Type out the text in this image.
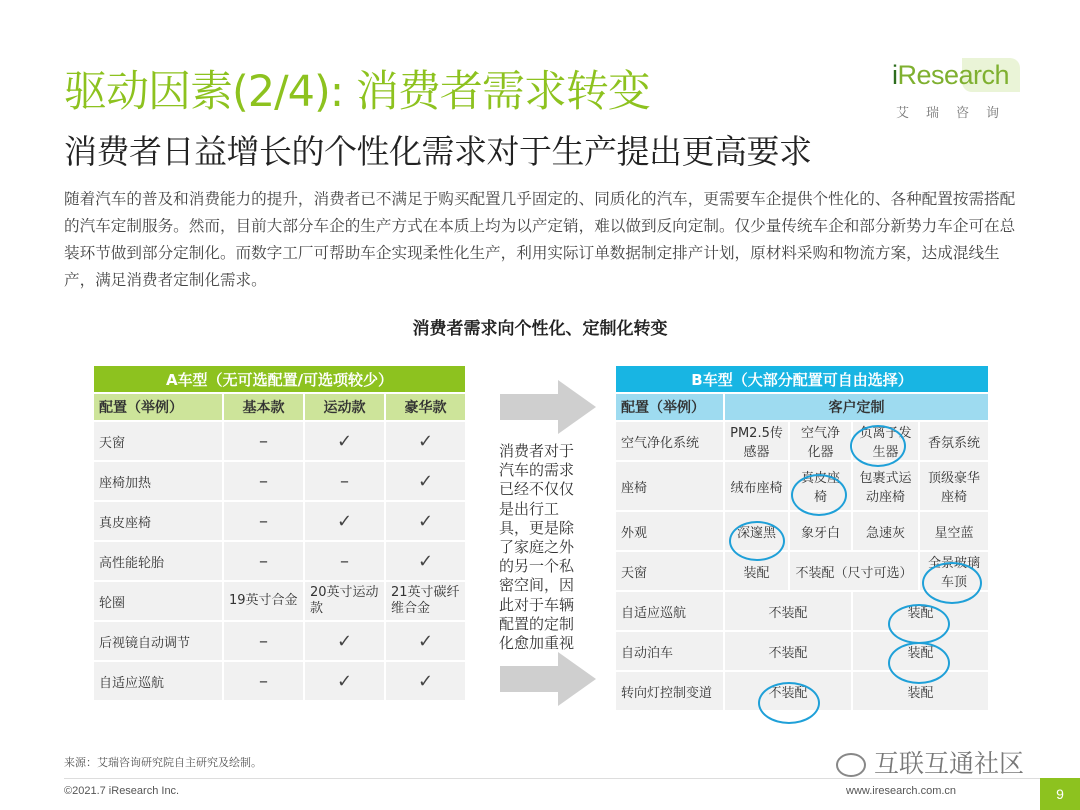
驱动因素(2/4): 消费者需求转变
消费者日益增长的个性化需求对于生产提出更高要求
iResearch
艾瑞咨询
随着汽车的普及和消费能力的提升，消费者已不满足于购买配置几乎固定的、同质化的汽车，更需要车企提供个性化的、各种配置按需搭配的汽车定制服务。然而，目前大部分车企的生产方式在本质上均为以产定销，难以做到反向定制。仅少量传统车企和部分新势力车企可在总装环节做到部分定制化。而数字工厂可帮助车企实现柔性化生产，利用实际订单数据制定排产计划，原材料采购和物流方案，达成混线生产，满足消费者定制化需求。
消费者需求向个性化、定制化转变
A车型（无可选配置/可选项较少）			
配置（举例）	基本款	运动款	豪华款
天窗	–	✓	✓
座椅加热	–	–	✓
真皮座椅	–	✓	✓
高性能轮胎	–	–	✓
轮圈	19英寸合金	20英寸运动款	21英寸碳纤维合金
后视镜自动调节	–	✓	✓
自适应巡航	–	✓	✓
消费者对于汽车的需求已经不仅仅是出行工具，更是除了家庭之外的另一个私密空间，因此对于车辆配置的定制化愈加重视
B车型（大部分配置可自由选择）				
配置（举例）	客户定制			
空气净化系统	PM2.5传感器	空气净化器	负离子发生器	香氛系统
座椅	绒布座椅	真皮座椅	包裹式运动座椅	顶级豪华座椅
外观	深邃黑	象牙白	急速灰	星空蓝
天窗	装配	不装配（尺寸可选）		全景玻璃车顶
自适应巡航	不装配		装配	
自动泊车	不装配		装配	
转向灯控制变道	不装配		装配	
来源：艾瑞咨询研究院自主研究及绘制。	互联互通社区
©2021.7 iResearch Inc.	www.iresearch.com.cn	9
